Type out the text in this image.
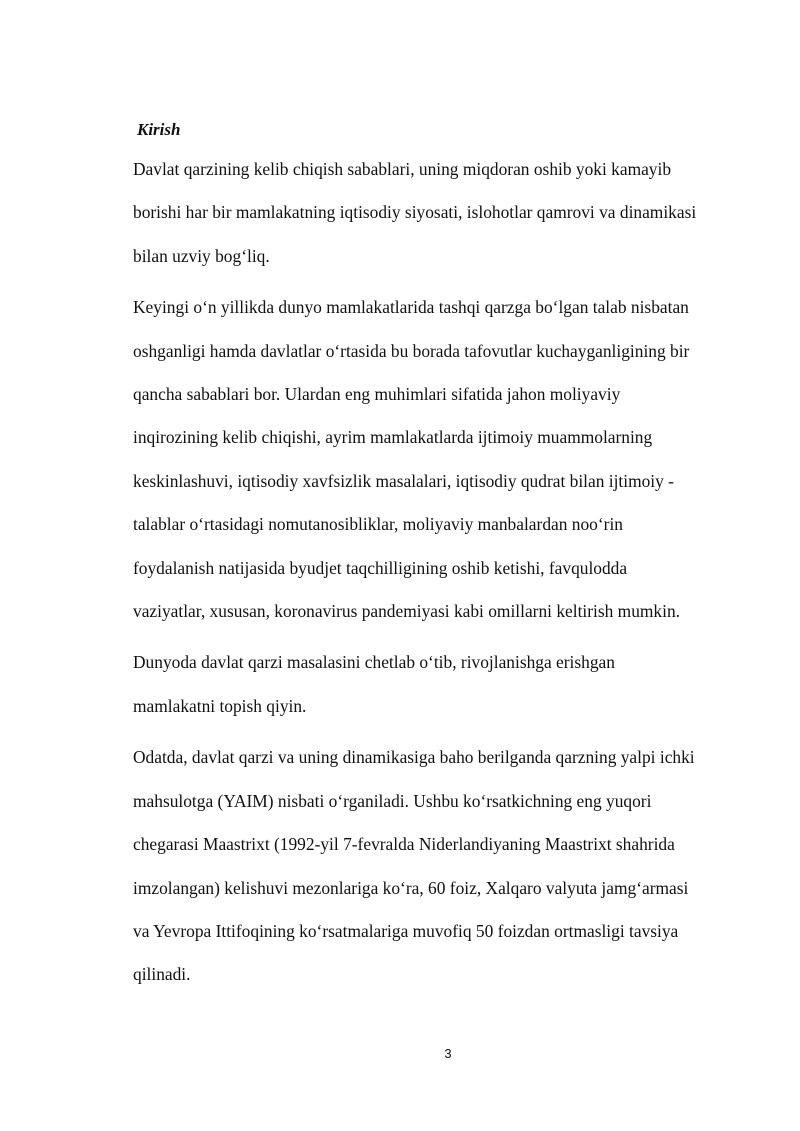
Kirish
Davlat qarzining kelib chiqish sabablari, uning miqdoran oshib yoki kamayib
borishi har bir mamlakatning iqtisodiy siyosati, islohotlar qamrovi va dinamikasi
bilan uzviy bog‘liq.
Keyingi o‘n yillikda dunyo mamlakatlarida tashqi qarzga bo‘lgan talab nisbatan
oshganligi hamda davlatlar o‘rtasida bu borada tafovutlar kuchayganligining bir
qancha sabablari bor. Ulardan eng muhimlari sifatida jahon moliyaviy
inqirozining kelib chiqishi, ayrim mamlakatlarda ijtimoiy muammolarning
keskinlashuvi, iqtisodiy xavfsizlik masalalari, iqtisodiy qudrat bilan ijtimoiy -
talablar o‘rtasidagi nomutanosibliklar, moliyaviy manbalardan noo‘rin
foydalanish natijasida byudjet taqchilligining oshib ketishi, favqulodda
vaziyatlar, xususan, koronavirus pandemiyasi kabi omillarni keltirish mumkin.
Dunyoda davlat qarzi masalasini chetlab o‘tib, rivojlanishga erishgan
mamlakatni topish qiyin.
Odatda, davlat qarzi va uning dinamikasiga baho berilganda qarzning yalpi ichki
mahsulotga (YAIM) nisbati o‘rganiladi. Ushbu ko‘rsatkichning eng yuqori
chegarasi Maastrixt (1992-yil 7-fevralda Niderlandiyaning Maastrixt shahrida
imzolangan) kelishuvi mezonlariga ko‘ra, 60 foiz, Xalqaro valyuta jamg‘armasi
va Yevropa Ittifoqining ko‘rsatmalariga muvofiq 50 foizdan ortmasligi tavsiya
qilinadi.
3
